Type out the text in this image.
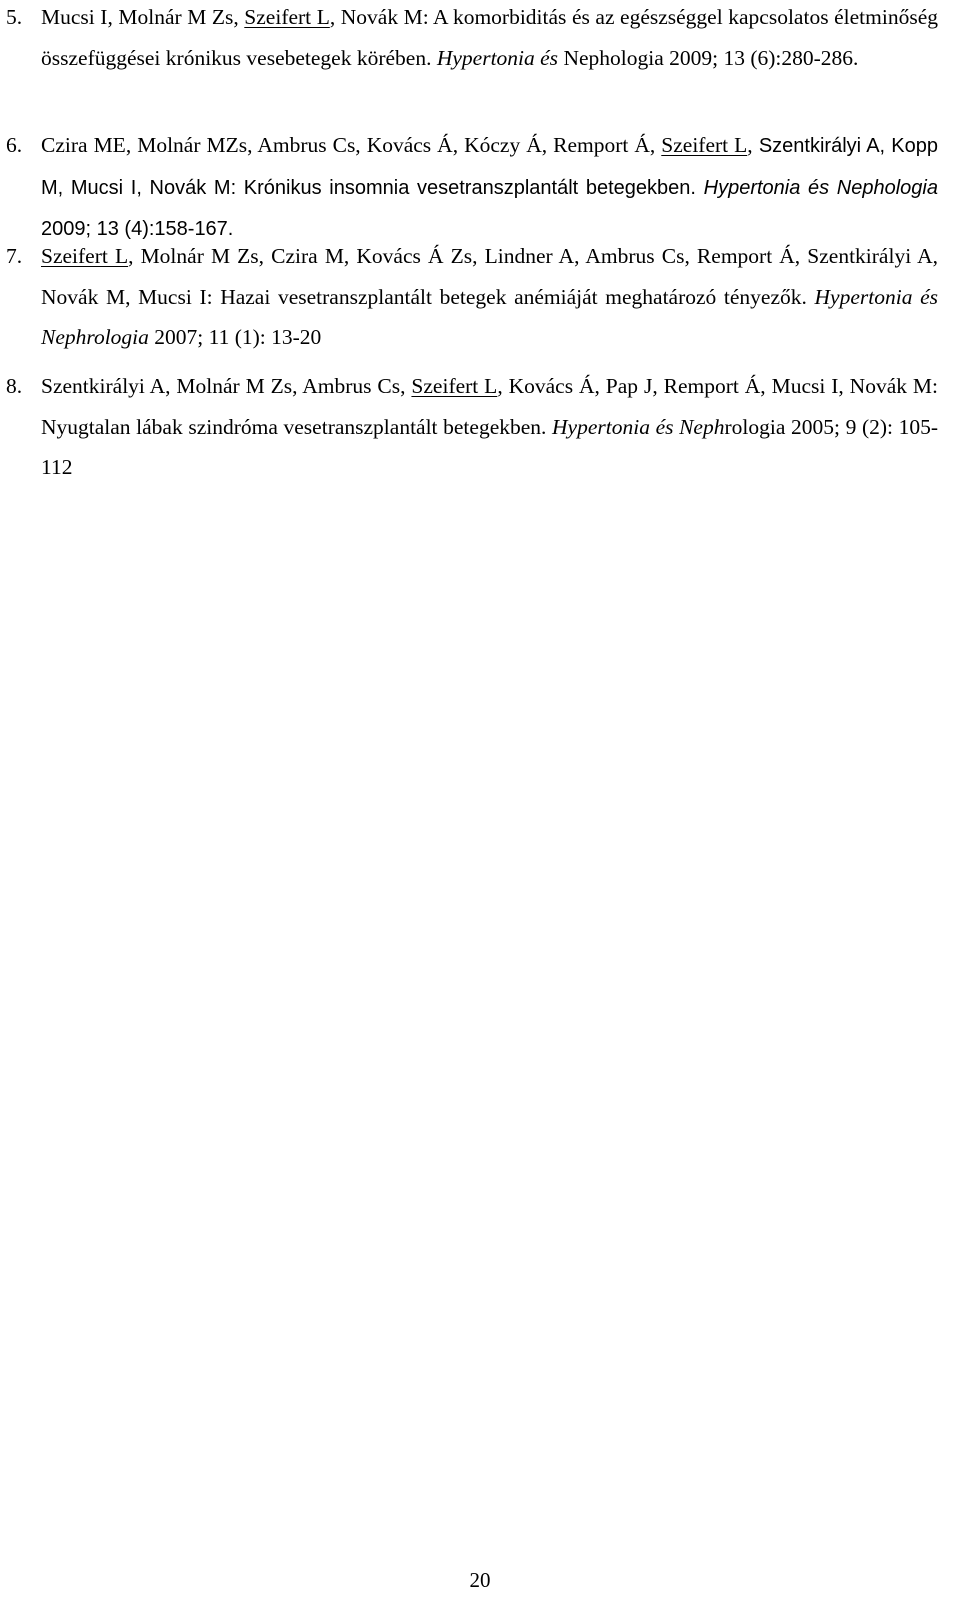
5. Mucsi I, Molnár M Zs, Szeifert L, Novák M: A komorbiditás és az egészséggel kapcsolatos életminőség összefüggései krónikus vesebetegek körében. Hypertonia és Nephologia 2009; 13 (6):280-286.
6. Czira ME, Molnár MZs, Ambrus Cs, Kovács Á, Kóczy Á, Remport Á, Szeifert L, Szentkirályi A, Kopp M, Mucsi I, Novák M: Krónikus insomnia vesetranszplantált betegekben. Hypertonia és Nephologia 2009; 13 (4):158-167.
7. Szeifert L, Molnár M Zs, Czira M, Kovács Á Zs, Lindner A, Ambrus Cs, Remport Á, Szentkirályi A, Novák M, Mucsi I: Hazai vesetranszplantált betegek anémiáját meghatározó tényezők. Hypertonia és Nephrologia 2007; 11 (1): 13-20
8. Szentkirályi A, Molnár M Zs, Ambrus Cs, Szeifert L, Kovács Á, Pap J, Remport Á, Mucsi I, Novák M: Nyugtalan lábak szindróma vesetranszplantált betegekben. Hypertonia és Nephrologia 2005; 9 (2): 105-112
20
